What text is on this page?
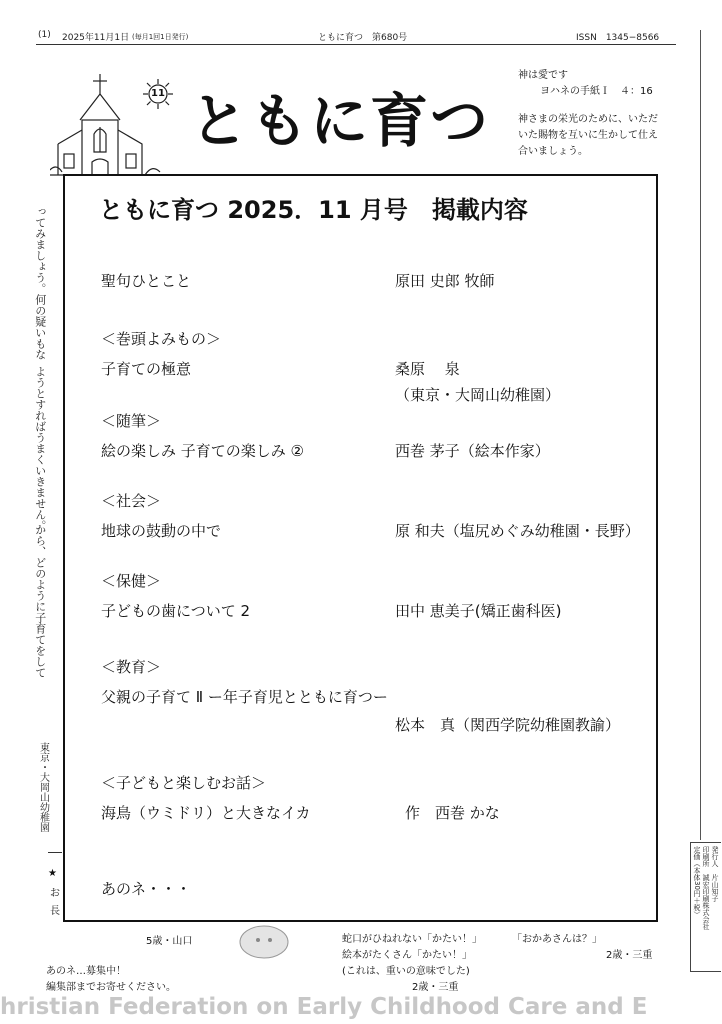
(1) 2025年11月1日 (毎月1回1日発行)	ともに育つ　第680号	ISSN　1345−8566
11 ともに育つ
神は愛です
ヨハネの手紙Ｉ　４：16
神さまの栄光のために、いただ
いた賜物を互いに生かして仕え
合いましょう。
ってみましょう。何の疑いもな
ようとすればうまくいきません。
から、どのように子育てをして
東京・大岡山幼稚園
★
お
長
5歳・山口	蛇口がひねれない「かたい！」
絵本がたくさん「かたい！」
(これは、重いの意味でした)
2歳・三重
「おかあさんは？」
2歳・三重
あのネ…募集中！
編集部までお寄せください。
発行人　片山知子
印刷所　誠宏印刷株式会社
定価（本体30円＋税）
hristian Federation on Early Childhood Care and E
ともに育つ 2025．11 月号　掲載内容
聖句ひとこと	原田 史郎 牧師
＜巻頭よみもの＞
子育ての極意	桑原　 泉
（東京・大岡山幼稚園）
＜随筆＞
絵の楽しみ 子育ての楽しみ ②	西巻 茅子（絵本作家）
＜社会＞
地球の鼓動の中で	原 和夫（塩尻めぐみ幼稚園・長野）
＜保健＞
子どもの歯について 2	田中 恵美子(矯正歯科医)
＜教育＞
父親の子育て Ⅱ ー年子育児とともに育つー
松本　真（関西学院幼稚園教諭）
＜子どもと楽しむお話＞
海鳥（ウミドリ）と大きなイカ	作　西巻 かな
あのネ・・・
